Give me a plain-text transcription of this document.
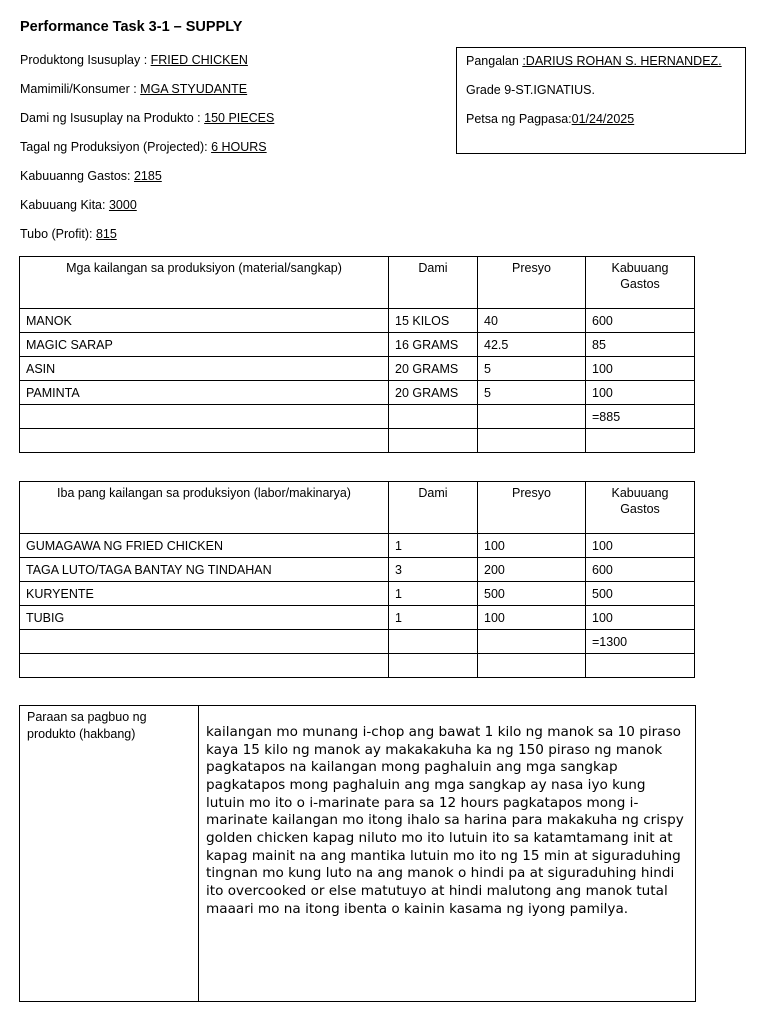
Performance Task 3-1 – SUPPLY
Produktong Isusuplay : FRIED CHICKEN
Mamimili/Konsumer : MGA STYUDANTE
Dami ng Isusuplay na Produkto : 150 PIECES
Tagal ng Produksiyon (Projected): 6 HOURS
Kabuuanng Gastos: 2185
Kabuuang Kita: 3000
Tubo (Profit): 815
Pangalan :DARIUS ROHAN S. HERNANDEZ.
Grade 9-ST.IGNATIUS.
Petsa ng Pagpasa:01/24/2025
Mga kailangan sa produksiyon (material/sangkap)	Dami	Presyo	Kabuuang Gastos
MANOK	15 KILOS	40	600
MAGIC SARAP	16 GRAMS	42.5	85
ASIN	20 GRAMS	5	100
PAMINTA	20 GRAMS	5	100
			=885

Iba pang kailangan sa produksiyon (labor/makinarya)	Dami	Presyo	Kabuuang Gastos
GUMAGAWA NG FRIED CHICKEN	1	100	100
TAGA LUTO/TAGA BANTAY NG TINDAHAN	3	200	600
KURYENTE	1	500	500
TUBIG	1	100	100
			=1300

Paraan sa pagbuo ng produkto (hakbang)	kailangan mo munang i-chop ang bawat 1 kilo ng manok sa 10 piraso kaya 15 kilo ng manok ay makakakuha ka ng 150 piraso ng manok pagkatapos na kailangan mong paghaluin ang mga sangkap pagkatapos mong paghaluin ang mga sangkap ay nasa iyo kung lutuin mo ito o i-marinate para sa 12 hours pagkatapos mong i-marinate kailangan mo itong ihalo sa harina para makakuha ng crispy golden chicken kapag niluto mo ito lutuin ito sa katamtamang init at kapag mainit na ang mantika lutuin mo ito ng 15 min at siguraduhing tingnan mo kung luto na ang manok o hindi pa at siguraduhing hindi ito overcooked or else matutuyo at hindi malutong ang manok tutal maaari mo na itong ibenta o kainin kasama ng iyong pamilya.
